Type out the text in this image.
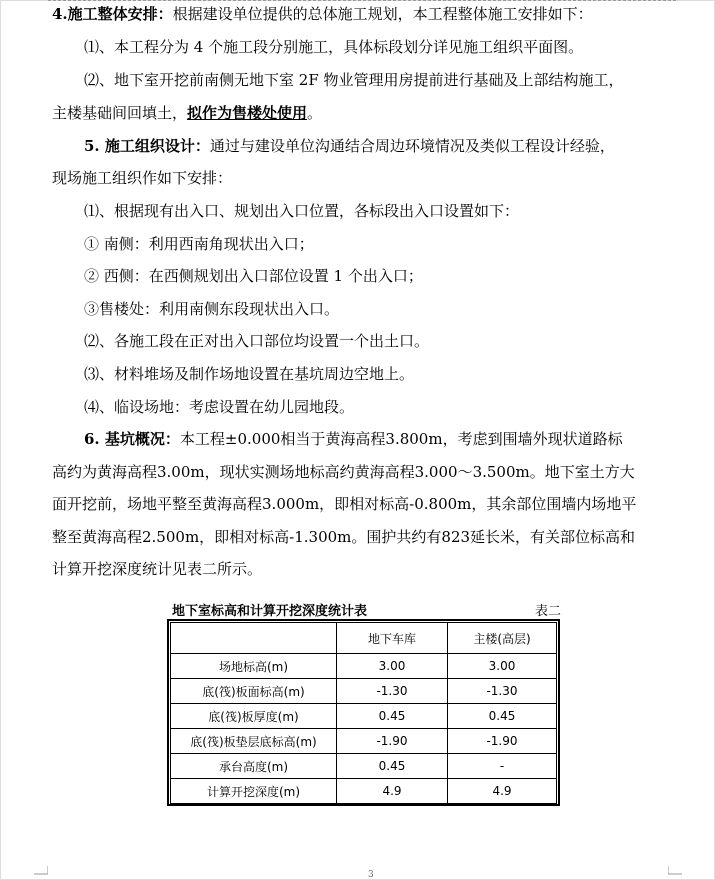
4.施工整体安排：根据建设单位提供的总体施工规划，本工程整体施工安排如下：
⑴、本工程分为 4 个施工段分别施工，具体标段划分详见施工组织平面图。
⑵、地下室开挖前南侧无地下室 2F 物业管理用房提前进行基础及上部结构施工，
主楼基础间回填土，拟作为售楼处使用。
5. 施工组织设计：通过与建设单位沟通结合周边环境情况及类似工程设计经验，
现场施工组织作如下安排：
⑴、根据现有出入口、规划出入口位置，各标段出入口设置如下：
① 南侧：利用西南角现状出入口；
② 西侧：在西侧规划出入口部位设置 1 个出入口；
③售楼处：利用南侧东段现状出入口。
⑵、各施工段在正对出入口部位均设置一个出土口。
⑶、材料堆场及制作场地设置在基坑周边空地上。
⑷、临设场地：考虑设置在幼儿园地段。
6. 基坑概况：本工程±0.000相当于黄海高程3.800m，考虑到围墙外现状道路标
高约为黄海高程3.00m，现状实测场地标高约黄海高程3.000～3.500m。地下室土方大
面开挖前，场地平整至黄海高程3.000m，即相对标高-0.800m，其余部位围墙内场地平
整至黄海高程2.500m，即相对标高-1.300m。围护共约有823延长米，有关部位标高和
计算开挖深度统计见表二所示。
地下室标高和计算开挖深度统计表	表二
	地下车库	主楼(高层)
场地标高(m)	3.00	3.00
底(筏)板面标高(m)	-1.30	-1.30
底(筏)板厚度(m)	0.45	0.45
底(筏)板垫层底标高(m)	-1.90	-1.90
承台高度(m)	0.45	-
计算开挖深度(m)	4.9	4.9
3
